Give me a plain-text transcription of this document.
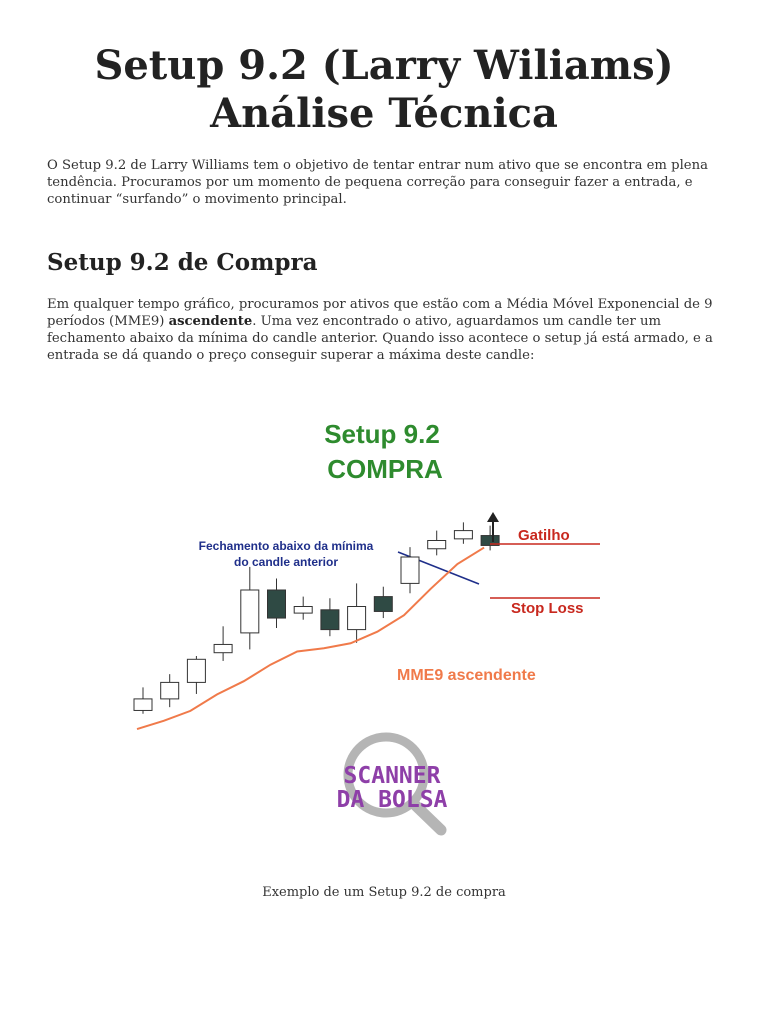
Setup 9.2 (Larry Wiliams)
Análise Técnica

O Setup 9.2 de Larry Williams tem o objetivo de tentar entrar num ativo que se encontra em plena tendência. Procuramos por um momento de pequena correção para conseguir fazer a entrada, e continuar “surfando” o movimento principal.

Setup 9.2 de Compra

Em qualquer tempo gráfico, procuramos por ativos que estão com a Média Móvel Exponencial de 9 períodos (MME9) ascendente. Uma vez encontrado o ativo, aguardamos um candle ter um fechamento abaixo da mínima do candle anterior. Quando isso acontece o setup já está armado, e a entrada se dá quando o preço conseguir superar a máxima deste candle:

Setup 9.2
COMPRA
Fechamento abaixo da mínima
do candle anterior
Gatilho
Stop Loss
MME9 ascendente
SCANNER
DA BOLSA
Exemplo de um Setup 9.2 de compra
